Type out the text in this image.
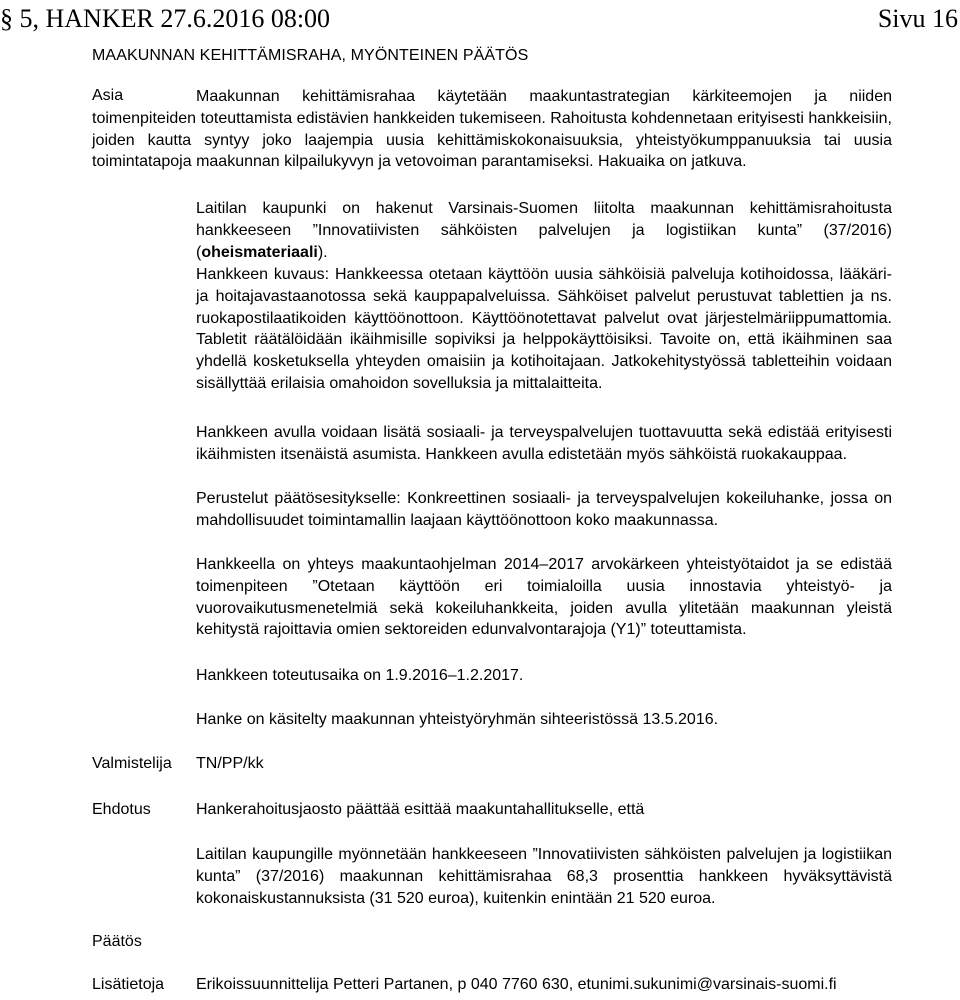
§ 5, HANKER 27.6.2016 08:00	Sivu 16
MAAKUNNAN KEHITTÄMISRAHA, MYÖNTEINEN PÄÄTÖS
Asia	Maakunnan kehittämisrahaa käytetään maakuntastrategian kärkiteemojen ja niiden toimenpiteiden toteuttamista edistävien hankkeiden tukemiseen. Rahoitusta kohdennetaan erityisesti hankkeisiin, joiden kautta syntyy joko laajempia uusia kehittämiskokonaisuuksia, yhteistyökumppanuuksia tai uusia toimintatapoja maakunnan kilpailukyvyn ja vetovoiman parantamiseksi. Hakuaika on jatkuva.
Laitilan kaupunki on hakenut Varsinais-Suomen liitolta maakunnan kehittämisrahoitusta hankkeeseen ”Innovatiivisten sähköisten palvelujen ja logistiikan kunta” (37/2016) (oheismateriaali).
Hankkeen kuvaus: Hankkeessa otetaan käyttöön uusia sähköisiä palveluja kotihoidossa, lääkäri- ja hoitajavastaanotossa sekä kauppapalveluissa. Sähköiset palvelut perustuvat tablettien ja ns. ruokapostilaatikoiden käyttöönottoon. Käyttöönotettavat palvelut ovat järjestelmäriippumattomia. Tabletit räätälöidään ikäihmisille sopiviksi ja helppokäyttöisiksi. Tavoite on, että ikäihminen saa yhdellä kosketuksella yhteyden omaisiin ja kotihoitajaan. Jatkokehitystyössä tabletteihin voidaan sisällyttää erilaisia omahoidon sovelluksia ja mittalaitteita.
Hankkeen avulla voidaan lisätä sosiaali- ja terveyspalvelujen tuottavuutta sekä edistää erityisesti ikäihmisten itsenäistä asumista. Hankkeen avulla edistetään myös sähköistä ruokakauppaa.
Perustelut päätösesitykselle: Konkreettinen sosiaali- ja terveyspalvelujen kokeiluhanke, jossa on mahdollisuudet toimintamallin laajaan käyttöönottoon koko maakunnassa.
Hankkeella on yhteys maakuntaohjelman 2014–2017 arvokärkeen yhteistyötaidot ja se edistää toimenpiteen ”Otetaan käyttöön eri toimialoilla uusia innostavia yhteistyö- ja vuorovaikutusmenetelmiä sekä kokeiluhankkeita, joiden avulla ylitetään maakunnan yleistä kehitystä rajoittavia omien sektoreiden edunvalvontarajoja (Y1)” toteuttamista.
Hankkeen toteutusaika on 1.9.2016–1.2.2017.
Hanke on käsitelty maakunnan yhteistyöryhmän sihteeristössä 13.5.2016.
Valmistelija TN/PP/kk
Ehdotus	Hankerahoitusjaosto päättää esittää maakuntahallitukselle, että
Laitilan kaupungille myönnetään hankkeeseen ”Innovatiivisten sähköisten palvelujen ja logistiikan kunta” (37/2016) maakunnan kehittämisrahaa 68,3 prosenttia hankkeen hyväksyttävistä kokonaiskustannuksista (31 520 euroa), kuitenkin enintään 21 520 euroa.
Päätös
Lisätietoja Erikoissuunnittelija Petteri Partanen, p 040 7760 630, etunimi.sukunimi@varsinais-suomi.fi
